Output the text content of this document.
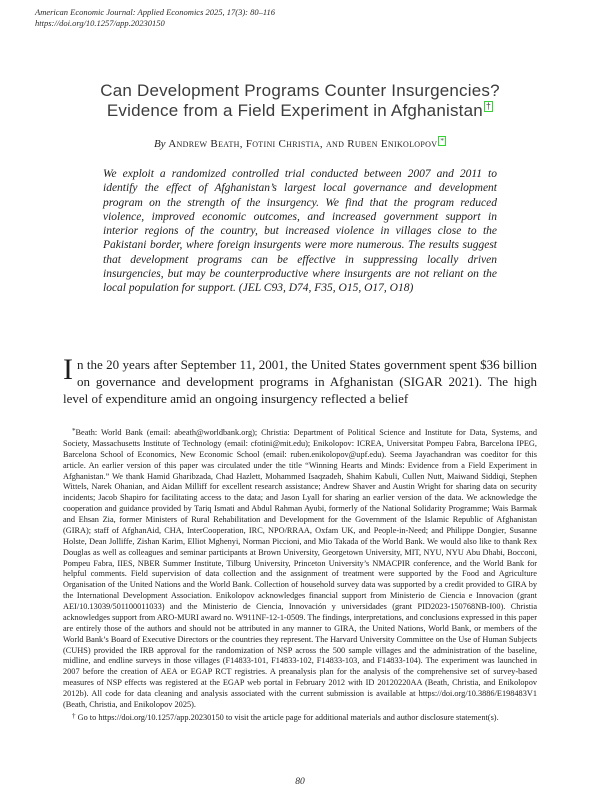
American Economic Journal: Applied Economics 2025, 17(3): 80–116
https://doi.org/10.1257/app.20230150
Can Development Programs Counter Insurgencies?
Evidence from a Field Experiment in Afghanistan †
By Andrew Beath, Fotini Christia, and Ruben Enikolopov *
We exploit a randomized controlled trial conducted between 2007 and 2011 to identify the effect of Afghanistan’s largest local governance and development program on the strength of the insurgency. We find that the program reduced violence, improved economic outcomes, and increased government support in interior regions of the country, but increased violence in villages close to the Pakistani border, where foreign insurgents were more numerous. The results suggest that development programs can be effective in suppressing locally driven insurgencies, but may be counterproductive where insurgents are not reliant on the local population for support. (JEL C93, D74, F35, O15, O17, O18)
In the 20 years after September 11, 2001, the United States government spent $36 billion on governance and development programs in Afghanistan (SIGAR 2021). The high level of expenditure amid an ongoing insurgency reflected a belief

*Beath: World Bank (email: abeath@worldbank.org); Christia: Department of Political Science and Institute for Data, Systems, and Society, Massachusetts Institute of Technology (email: cfotini@mit.edu); Enikolopov: ICREA, Universitat Pompeu Fabra, Barcelona IPEG, Barcelona School of Economics, New Economic School (email: ruben.enikolopov@upf.edu). Seema Jayachandran was coeditor for this article. An earlier version of this paper was circulated under the title “Winning Hearts and Minds: Evidence from a Field Experiment in Afghanistan.” We thank Hamid Gharibzada, Chad Hazlett, Mohammed Isaqzadeh, Shahim Kabuli, Cullen Nutt, Maiwand Siddiqi, Stephen Wittels, Narek Ohanian, and Aidan Milliff for excellent research assistance; Andrew Shaver and Austin Wright for sharing data on security incidents; Jacob Shapiro for facilitating access to the data; and Jason Lyall for sharing an earlier version of the data. We acknowledge the cooperation and guidance provided by Tariq Ismati and Abdul Rahman Ayubi, formerly of the National Solidarity Programme; Wais Barmak and Ehsan Zia, former Ministers of Rural Rehabilitation and Development for the Government of the Islamic Republic of Afghanistan (GIRA); staff of AfghanAid, CHA, InterCooperation, IRC, NPO/RRAA, Oxfam UK, and People-in-Need; and Philippe Dongier, Susanne Holste, Dean Jolliffe, Zishan Karim, Elliot Mghenyi, Norman Piccioni, and Mio Takada of the World Bank. We would also like to thank Rex Douglas as well as colleagues and seminar participants at Brown University, Georgetown University, MIT, NYU, NYU Abu Dhabi, Bocconi, Pompeu Fabra, IIES, NBER Summer Institute, Tilburg University, Princeton University’s NMACPIR conference, and the World Bank for helpful comments. Field supervision of data collection and the assignment of treatment were supported by the Food and Agriculture Organisation of the United Nations and the World Bank. Collection of household survey data was supported by a credit provided to GIRA by the International Development Association. Enikolopov acknowledges financial support from Ministerio de Ciencia e Innovacion (grant AEI/10.13039/501100011033) and the Ministerio de Ciencia, Innovación y universidades (grant PID2023-150768NB-I00). Christia acknowledges support from ARO-MURI award no. W911NF-12-1-0509. The findings, interpretations, and conclusions expressed in this paper are entirely those of the authors and should not be attributed in any manner to GIRA, the United Nations, World Bank, or members of the World Bank’s Board of Executive Directors or the countries they represent. The Harvard University Committee on the Use of Human Subjects (CUHS) provided the IRB approval for the randomization of NSP across the 500 sample villages and the administration of the baseline, midline, and endline surveys in those villages (F14833-101, F14833-102, F14833-103, and F14833-104). The experiment was launched in 2007 before the creation of AEA or EGAP RCT registries. A preanalysis plan for the analysis of the comprehensive set of survey-based measures of NSP effects was registered at the EGAP web portal in February 2012 with ID 20120220AA (Beath, Christia, and Enikolopov 2012b). All code for data cleaning and analysis associated with the current submission is available at https://doi.org/10.3886/E198483V1 (Beath, Christia, and Enikolopov 2025).

† Go to https://doi.org/10.1257/app.20230150 to visit the article page for additional materials and author disclosure statement(s).

80
